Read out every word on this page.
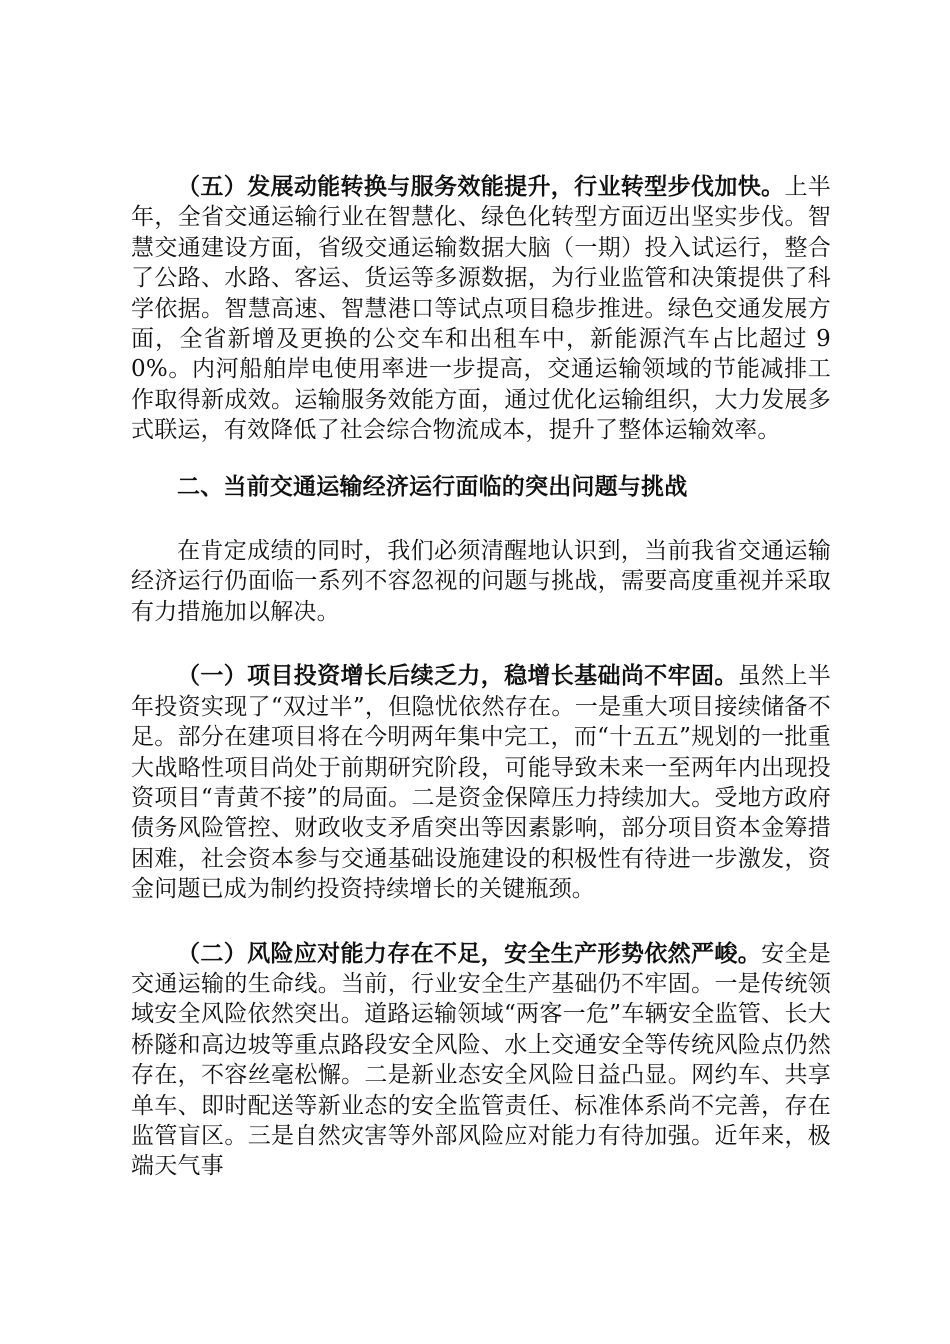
（五）发展动能转换与服务效能提升，行业转型步伐加快。上半年，全省交通运输行业在智慧化、绿色化转型方面迈出坚实步伐。智慧交通建设方面，省级交通运输数据大脑（一期）投入试运行，整合了公路、水路、客运、货运等多源数据，为行业监管和决策提供了科学依据。智慧高速、智慧港口等试点项目稳步推进。绿色交通发展方面，全省新增及更换的公交车和出租车中，新能源汽车占比超过 90%。内河船舶岸电使用率进一步提高，交通运输领域的节能减排工作取得新成效。运输服务效能方面，通过优化运输组织，大力发展多式联运，有效降低了社会综合物流成本，提升了整体运输效率。

二、当前交通运输经济运行面临的突出问题与挑战

在肯定成绩的同时，我们必须清醒地认识到，当前我省交通运输经济运行仍面临一系列不容忽视的问题与挑战，需要高度重视并采取有力措施加以解决。

（一）项目投资增长后续乏力，稳增长基础尚不牢固。虽然上半年投资实现了“双过半”，但隐忧依然存在。一是重大项目接续储备不足。部分在建项目将在今明两年集中完工，而“十五五”规划的一批重大战略性项目尚处于前期研究阶段，可能导致未来一至两年内出现投资项目“青黄不接”的局面。二是资金保障压力持续加大。受地方政府债务风险管控、财政收支矛盾突出等因素影响，部分项目资本金筹措困难，社会资本参与交通基础设施建设的积极性有待进一步激发，资金问题已成为制约投资持续增长的关键瓶颈。

（二）风险应对能力存在不足，安全生产形势依然严峻。安全是交通运输的生命线。当前，行业安全生产基础仍不牢固。一是传统领域安全风险依然突出。道路运输领域“两客一危”车辆安全监管、长大桥隧和高边坡等重点路段安全风险、水上交通安全等传统风险点仍然存在，不容丝毫松懈。二是新业态安全风险日益凸显。网约车、共享单车、即时配送等新业态的安全监管责任、标准体系尚不完善，存在监管盲区。三是自然灾害等外部风险应对能力有待加强。近年来，极端天气事
